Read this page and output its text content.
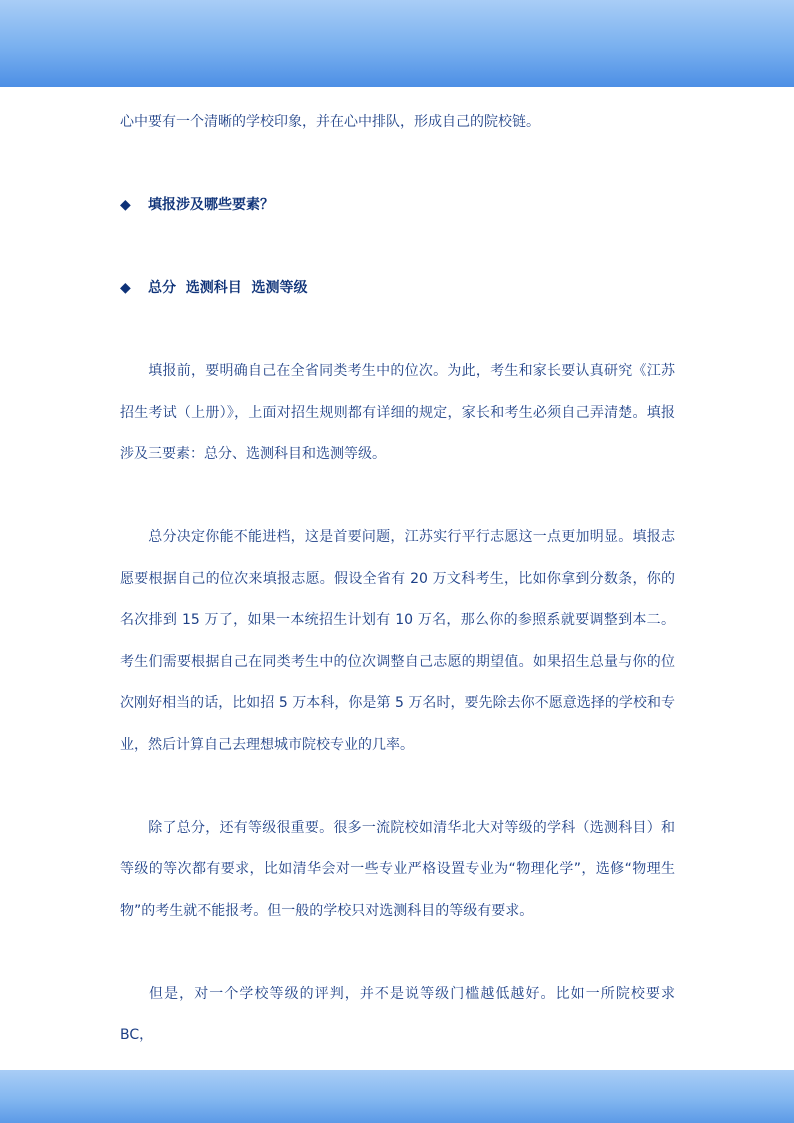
心中要有一个清晰的学校印象，并在心中排队，形成自己的院校链。

◆ 填报涉及哪些要素？

◆ 总分  选测科目  选测等级

填报前，要明确自己在全省同类考生中的位次。为此，考生和家长要认真研究《江苏招生考试（上册）》，上面对招生规则都有详细的规定，家长和考生必须自己弄清楚。填报涉及三要素：总分、选测科目和选测等级。

总分决定你能不能进档，这是首要问题，江苏实行平行志愿这一点更加明显。填报志愿要根据自己的位次来填报志愿。假设全省有 20 万文科考生，比如你拿到分数条，你的名次排到 15 万了，如果一本统招生计划有 10 万名，那么你的参照系就要调整到本二。考生们需要根据自己在同类考生中的位次调整自己志愿的期望值。如果招生总量与你的位次刚好相当的话，比如招 5 万本科，你是第 5 万名时，要先除去你不愿意选择的学校和专业，然后计算自己去理想城市院校专业的几率。

除了总分，还有等级很重要。很多一流院校如清华北大对等级的学科（选测科目）和等级的等次都有要求，比如清华会对一些专业严格设置专业为“物理化学”，选修“物理生物”的考生就不能报考。但一般的学校只对选测科目的等级有要求。

但是，对一个学校等级的评判，并不是说等级门槛越低越好。比如一所院校要求 BC，
